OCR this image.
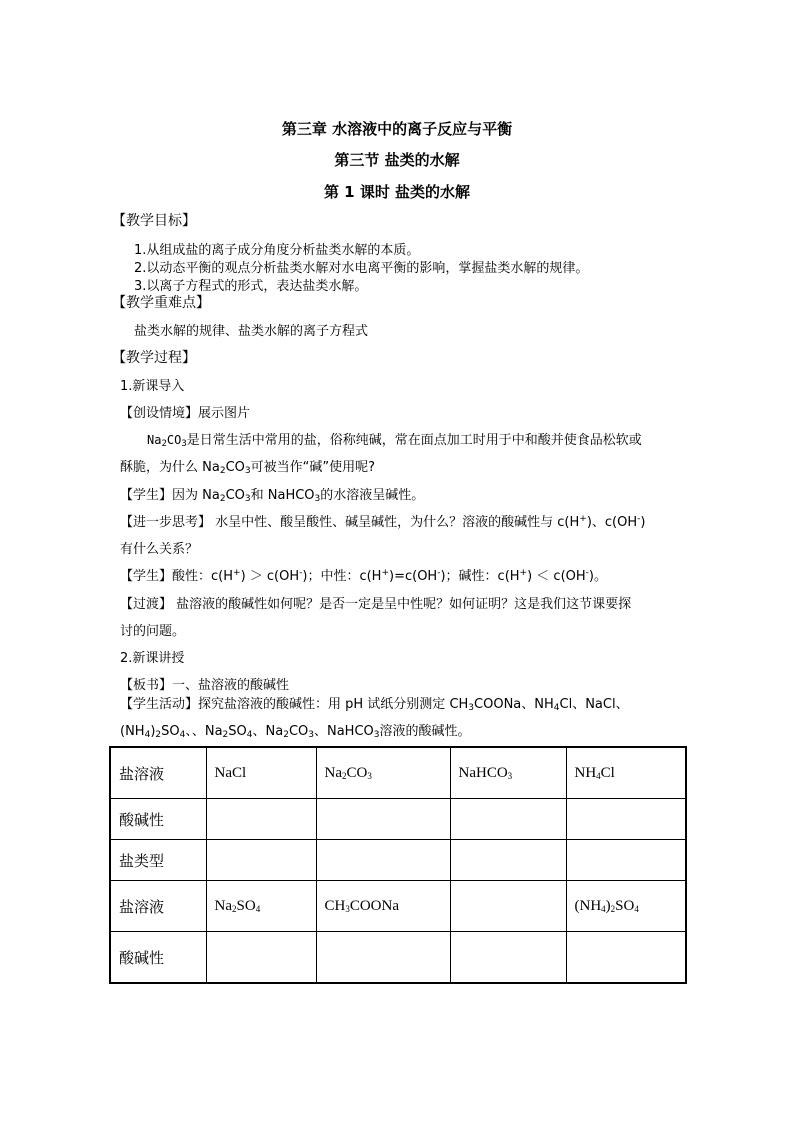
第三章 水溶液中的离子反应与平衡
第三节 盐类的水解
第 1 课时 盐类的水解
【教学目标】
1.从组成盐的离子成分角度分析盐类水解的本质。
2.以动态平衡的观点分析盐类水解对水电离平衡的影响，掌握盐类水解的规律。
3.以离子方程式的形式，表达盐类水解。
【教学重难点】
盐类水解的规律、盐类水解的离子方程式
【教学过程】
1.新课导入
【创设情境】展示图片
$Na_2CO_3$是日常生活中常用的盐，俗称纯碱，常在面点加工时用于中和酸并使食品松软或
酥脆，为什么 $Na_2CO_3$可被当作“碱”使用呢?
【学生】因为 $Na_2CO_3$和 NaHCO$_3$的水溶液呈碱性。
【进一步思考】 水呈中性、酸呈酸性、碱呈碱性，为什么？溶液的酸碱性与 c(H+)、c(OH-)
有什么关系？
【学生】酸性：c(H+) ＞ c(OH-)；中性：c(H+)=c(OH-)；碱性：c(H+) ＜ c(OH-)。
【过渡】 盐溶液的酸碱性如何呢？是否一定是呈中性呢？如何证明？这是我们这节课要探
讨的问题。
2.新课讲授
【板书】一、盐溶液的酸碱性
【学生活动】探究盐溶液的酸碱性：用 pH 试纸分别测定 $CH_3COONa$、$NH_4Cl$、NaCl、
$(NH_4)_2SO_4$、、$Na_2SO_4$、$Na_2CO_3$、NaHCO$_3$溶液的酸碱性。
盐溶液	NaCl	$Na_2CO_3$	NaHCO$_3$	$NH_4Cl$
酸碱性				
盐类型				
盐溶液	$Na_2SO_4$	$CH_3COONa$		$(NH_4)_2SO_4$
酸碱性				
